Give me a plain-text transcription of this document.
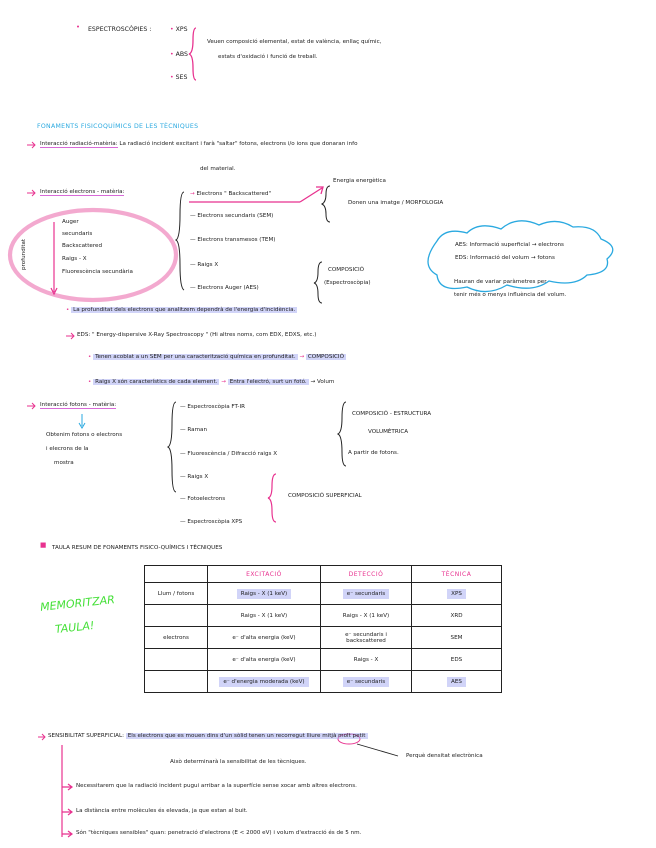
• ESPECTROSCÒPIES :	• XPS
• ABS
• SES
Veuen composició elemental, estat de valència, enllaç químic,
estats d'oxidació i funció de treball.
FONAMENTS FISICOQUÍMICS DE LES TÈCNIQUES
Interacció radiació-matèria: La radiació incident excitant i farà "saltar" fotons, electrons i/o ions que donaran info
del material.
Interacció electrons - matèria:	→ Electrons " Backscattered"
— Electrons secundaris (SEM)
— Electrons transmesos (TEM)
— Raigs X
— Electrons Auger (AES)
Energia energètica
Donen una imatge / MORFOLOGIA
COMPOSICIÓ
(Espectroscòpia)
profunditat
Auger
secundaris
Backscattered
Raigs - X
Fluorescència secundària
AES: Informació superficial → electrons
EDS: Informació del volum → fotons
Hauran de variar paràmetres per
tenir més o menys influència del volum.
• La profunditat dels electrons que analitzem dependrà de l'energia d'incidència.
EDS: " Energy-dispersive X-Ray Spectroscopy " (Hi altres noms, com EDX, EDXS, etc.)
• Tenen acoblat a un SEM per una caracterització química en profunditat. → COMPOSICIÓ
• Raigs X són característics de cada element. → Entra l'electró, surt un fotó. → Volum
Interacció fotons - matèria:
Obtenim fotons o electrons
i elecrons de la
mostra
— Espectroscòpia FT-IR
— Raman
— Fluorescència / Difracció raigs X
— Raigs X
— Fotoelectrons
— Espectroscòpia XPS
COMPOSICIÓ - ESTRUCTURA
VOLUMÈTRICA
A partir de fotons.
COMPOSICIÓ SUPERFICIAL
■ TAULA RESUM DE FONAMENTS FISICO-QUÍMICS I TÈCNIQUES
MEMORITZAR
TAULA!
	EXCITACIÓ	DETECCIÓ	TÈCNICA
Llum / fotons	Raigs - X (1 keV)	e⁻ secundaris	XPS
	Raigs - X (1 keV)	Raigs - X (1 keV)	XRD
electrons	e⁻ d'alta energia (keV)	e⁻ secundaris i backscattered	SEM
	e⁻ d'alta energia (keV)	Raigs - X	EDS
	e⁻ d'energia moderada (keV)	e⁻ secundaris	AES
SENSIBILITAT SUPERFICIAL: Els electrons que es mouen dins d'un sòlid tenen un recorregut lliure mitjà molt petit
Perquè densitat electrònica
Això determinarà la sensibilitat de les tècniques.
Necessitarem que la radiació incident pugui arribar a la superfície sense xocar amb altres electrons.
La distància entre molècules és elevada, ja que estan al buit.
Són "tècniques sensibles" quan: penetració d'electrons (E < 2000 eV) i volum d'extracció és de 5 nm.
